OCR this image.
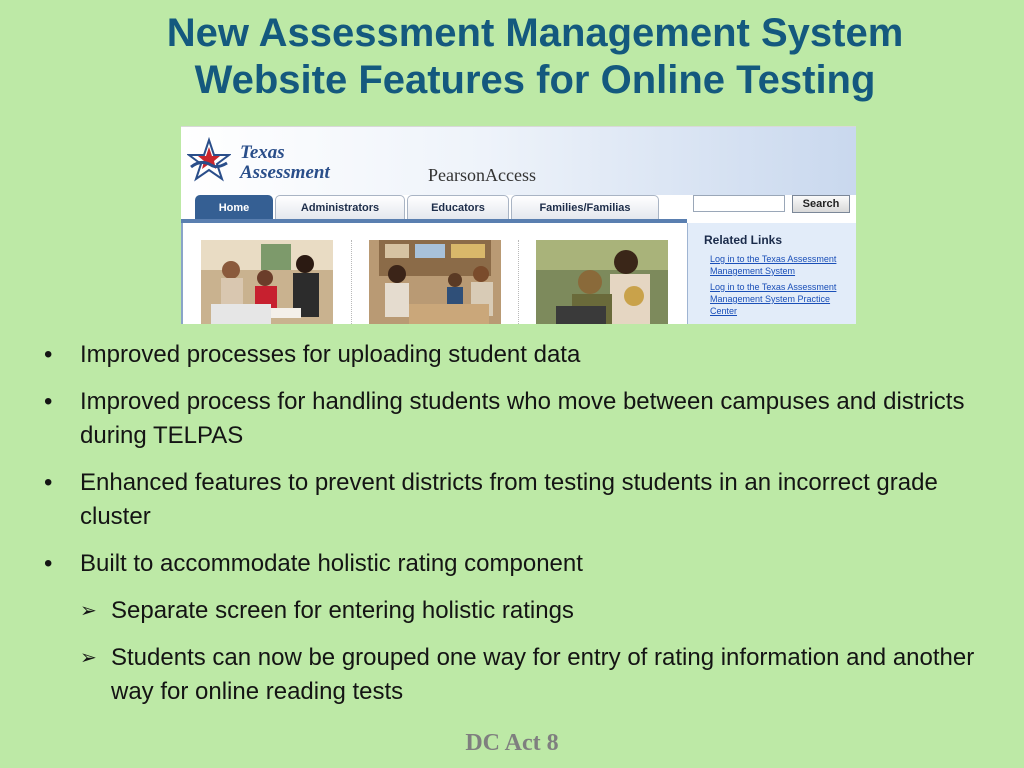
New Assessment Management System
Website Features for Online Testing
Texas
Assessment	PearsonAccess
Search
Home	Administrators	Educators	Families/Familias
Related Links
Log in to the Texas Assessment Management System
Log in to the Texas Assessment Management System Practice Center
•	Improved processes for uploading student data
•	Improved process for handling students who move between campuses and districts during TELPAS
•	Enhanced features to prevent districts from testing students in an incorrect grade cluster
•	Built to accommodate holistic rating component
➢ Separate screen for entering holistic ratings
➢ Students can now be grouped one way for entry of rating information and another way for online reading tests
DC Act 8
